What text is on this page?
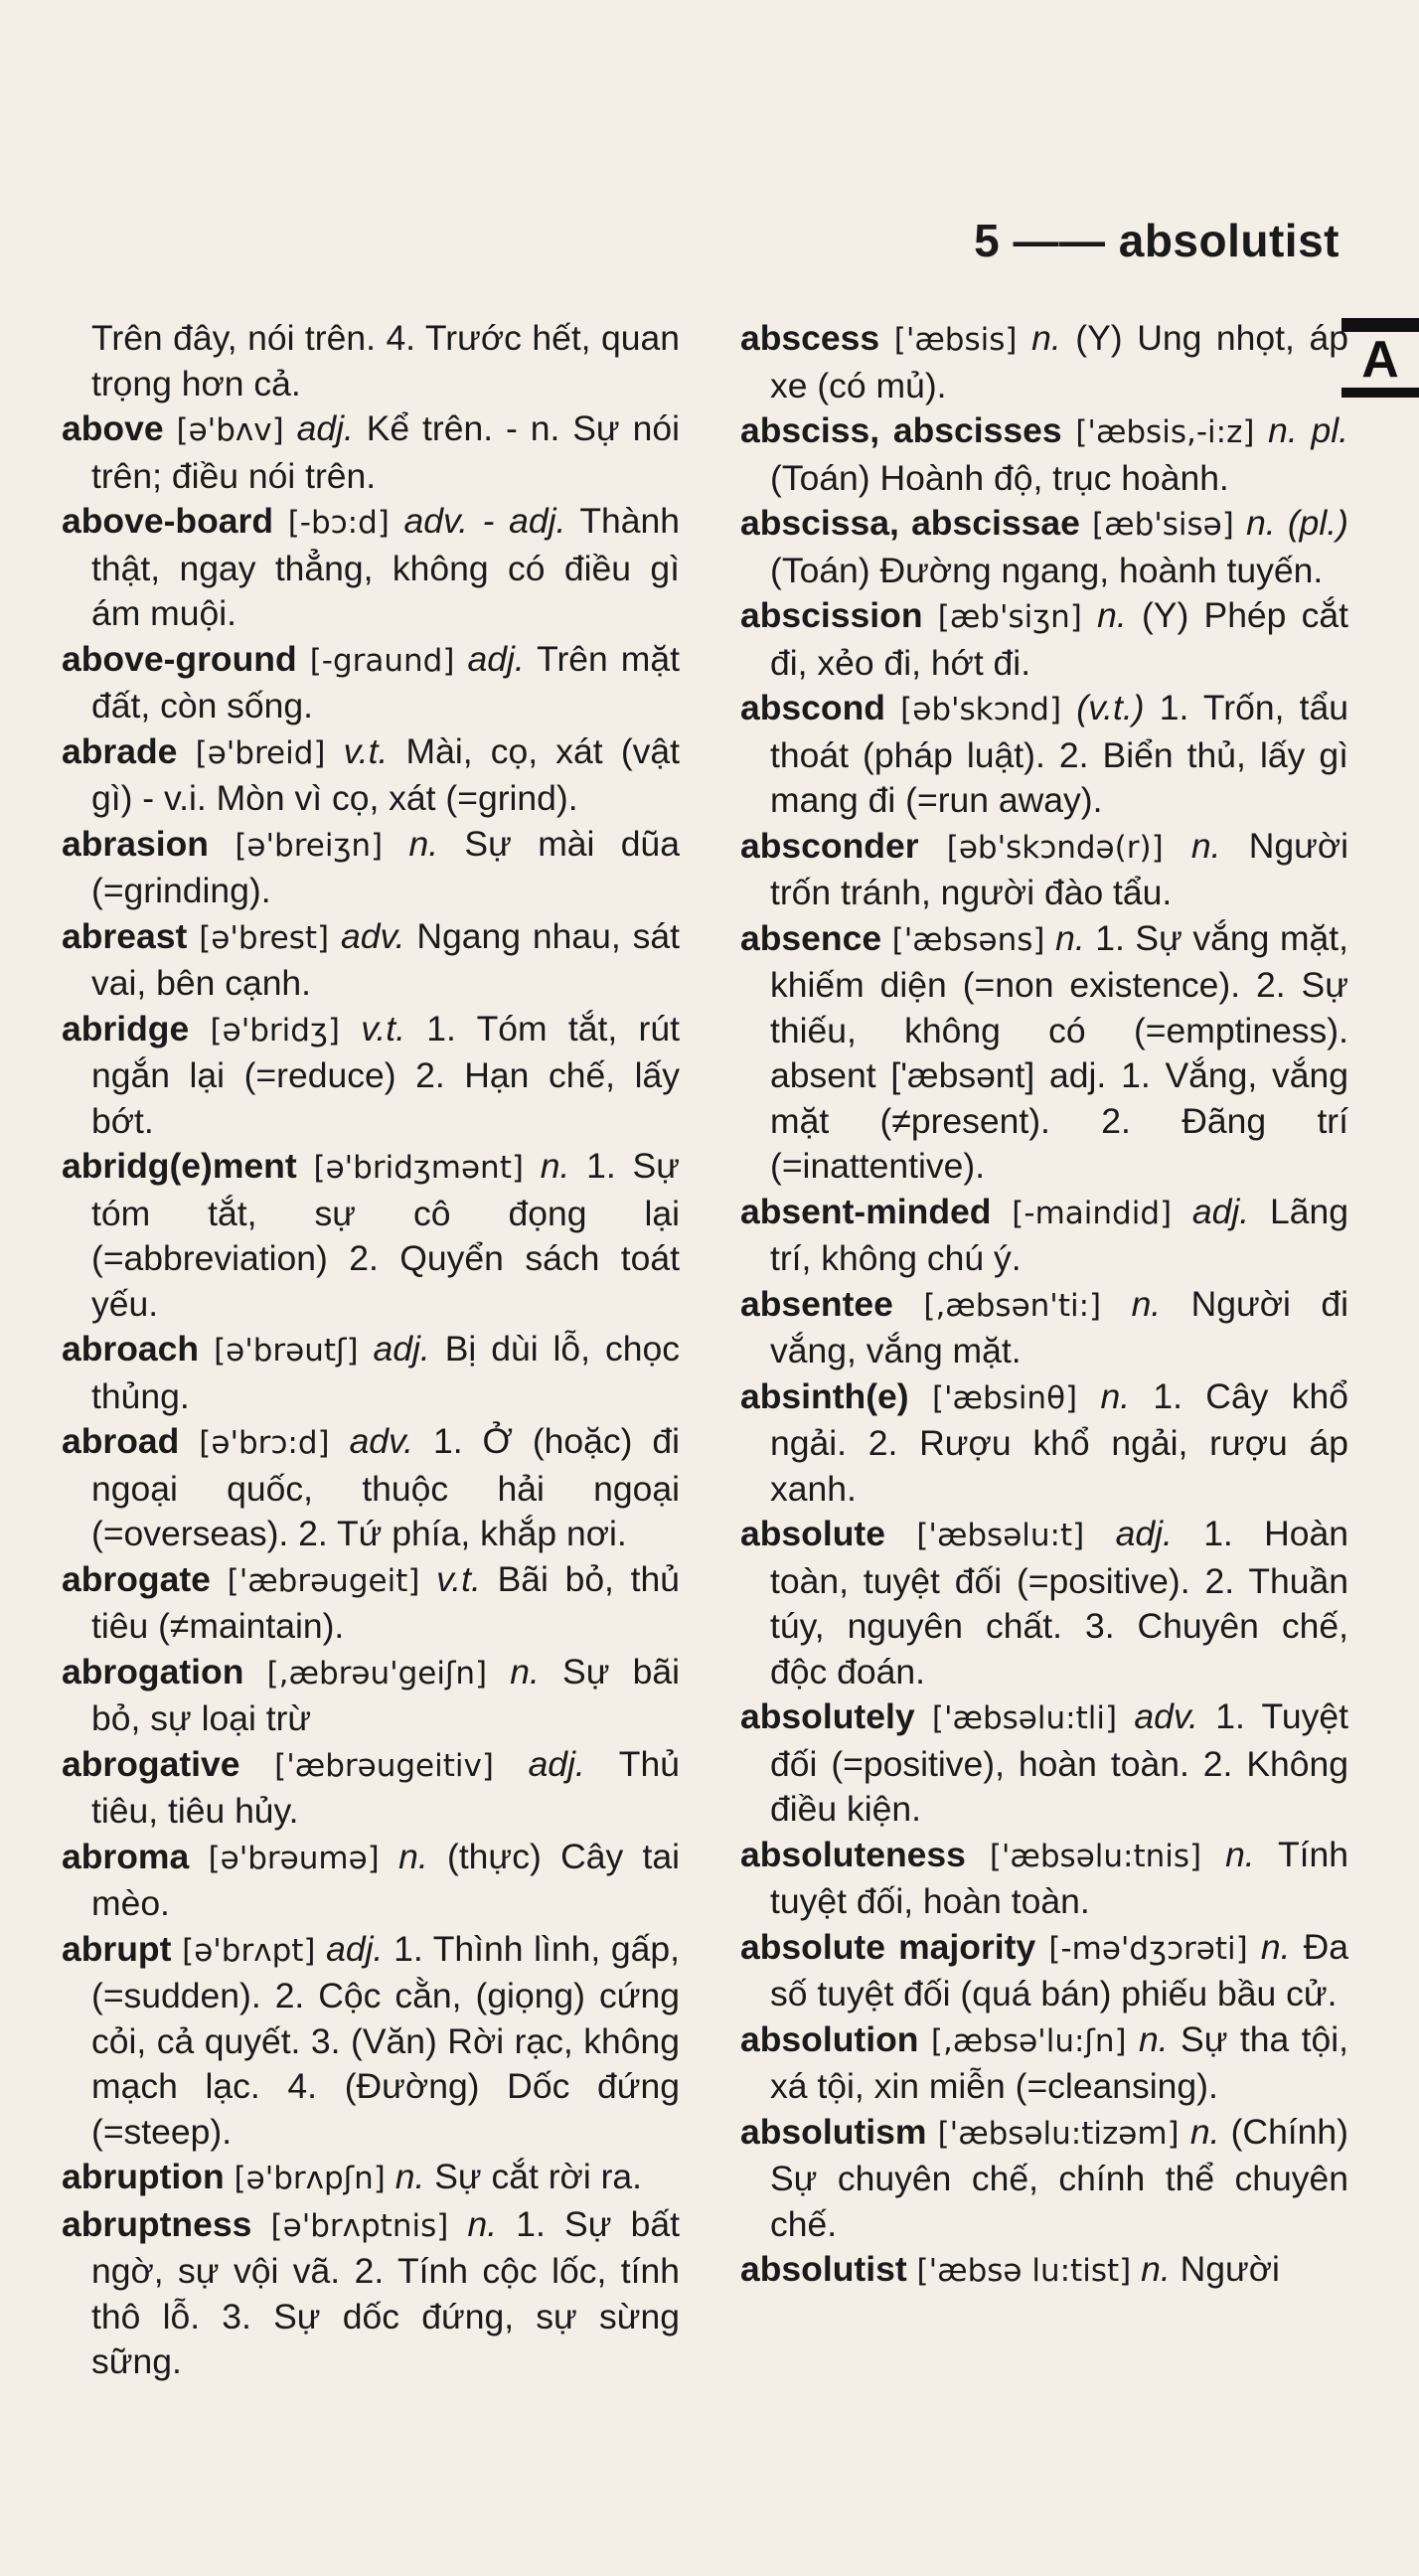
5 —— absolutist
A

Trên đây, nói trên. 4. Trước hết, quan trọng hơn cả.

above [ə'bʌv] adj. Kể trên. - n. Sự nói trên; điều nói trên.

above-board [-bɔ:d] adv. - adj. Thành thật, ngay thẳng, không có điều gì ám muội.

above-ground [-graund] adj. Trên mặt đất, còn sống.

abrade [ə'breid] v.t. Mài, cọ, xát (vật gì) - v.i. Mòn vì cọ, xát (=grind).

abrasion [ə'breiʒn] n. Sự mài dũa (=grinding).

abreast [ə'brest] adv. Ngang nhau, sát vai, bên cạnh.

abridge [ə'bridʒ] v.t. 1. Tóm tắt, rút ngắn lại (=reduce) 2. Hạn chế, lấy bớt.

abridg(e)ment [ə'bridʒmənt] n. 1. Sự tóm tắt, sự cô đọng lại (=abbreviation) 2. Quyển sách toát yếu.

abroach [ə'brəutʃ] adj. Bị dùi lỗ, chọc thủng.

abroad [ə'brɔ:d] adv. 1. Ở (hoặc) đi ngoại quốc, thuộc hải ngoại (=overseas). 2. Tứ phía, khắp nơi.

abrogate ['æbrəugeit] v.t. Bãi bỏ, thủ tiêu (≠maintain).

abrogation [,æbrəu'geiʃn] n. Sự bãi bỏ, sự loại trừ

abrogative ['æbrəugeitiv] adj. Thủ tiêu, tiêu hủy.

abroma [ə'brəumə] n. (thực) Cây tai mèo.

abrupt [ə'brʌpt] adj. 1. Thình lình, gấp, (=sudden). 2. Cộc cằn, (giọng) cứng cỏi, cả quyết. 3. (Văn) Rời rạc, không mạch lạc. 4. (Đường) Dốc đứng (=steep).

abruption [ə'brʌpʃn] n. Sự cắt rời ra.

abruptness [ə'brʌptnis] n. 1. Sự bất ngờ, sự vội vã. 2. Tính cộc lốc, tính thô lỗ. 3. Sự dốc đứng, sự sừng sững.

abscess ['æbsis] n. (Y) Ung nhọt, áp xe (có mủ).

absciss, abscisses ['æbsis,-i:z] n. pl. (Toán) Hoành độ, trục hoành.

abscissa, abscissae [æb'sisə] n. (pl.) (Toán) Đường ngang, hoành tuyến.

abscission [æb'siʒn] n. (Y) Phép cắt đi, xẻo đi, hớt đi.

abscond [əb'skɔnd] (v.t.) 1. Trốn, tẩu thoát (pháp luật). 2. Biển thủ, lấy gì mang đi (=run away).

absconder [əb'skɔndə(r)] n. Người trốn tránh, người đào tẩu.

absence ['æbsəns] n. 1. Sự vắng mặt, khiếm diện (=non existence). 2. Sự thiếu, không có (=emptiness). absent ['æbsənt] adj. 1. Vắng, vắng mặt (≠present). 2. Đãng trí (=inattentive).

absent-minded [-maindid] adj. Lãng trí, không chú ý.

absentee [,æbsən'ti:] n. Người đi vắng, vắng mặt.

absinth(e) ['æbsinθ] n. 1. Cây khổ ngải. 2. Rượu khổ ngải, rượu áp xanh.

absolute ['æbsəlu:t] adj. 1. Hoàn toàn, tuyệt đối (=positive). 2. Thuần túy, nguyên chất. 3. Chuyên chế, độc đoán.

absolutely ['æbsəlu:tli] adv. 1. Tuyệt đối (=positive), hoàn toàn. 2. Không điều kiện.

absoluteness ['æbsəlu:tnis] n. Tính tuyệt đối, hoàn toàn.

absolute majority [-mə'dʒɔrəti] n. Đa số tuyệt đối (quá bán) phiếu bầu cử.

absolution [,æbsə'lu:ʃn] n. Sự tha tội, xá tội, xin miễn (=cleansing).

absolutism ['æbsəlu:tizəm] n. (Chính) Sự chuyên chế, chính thể chuyên chế.

absolutist ['æbsə lu:tist] n. Người
